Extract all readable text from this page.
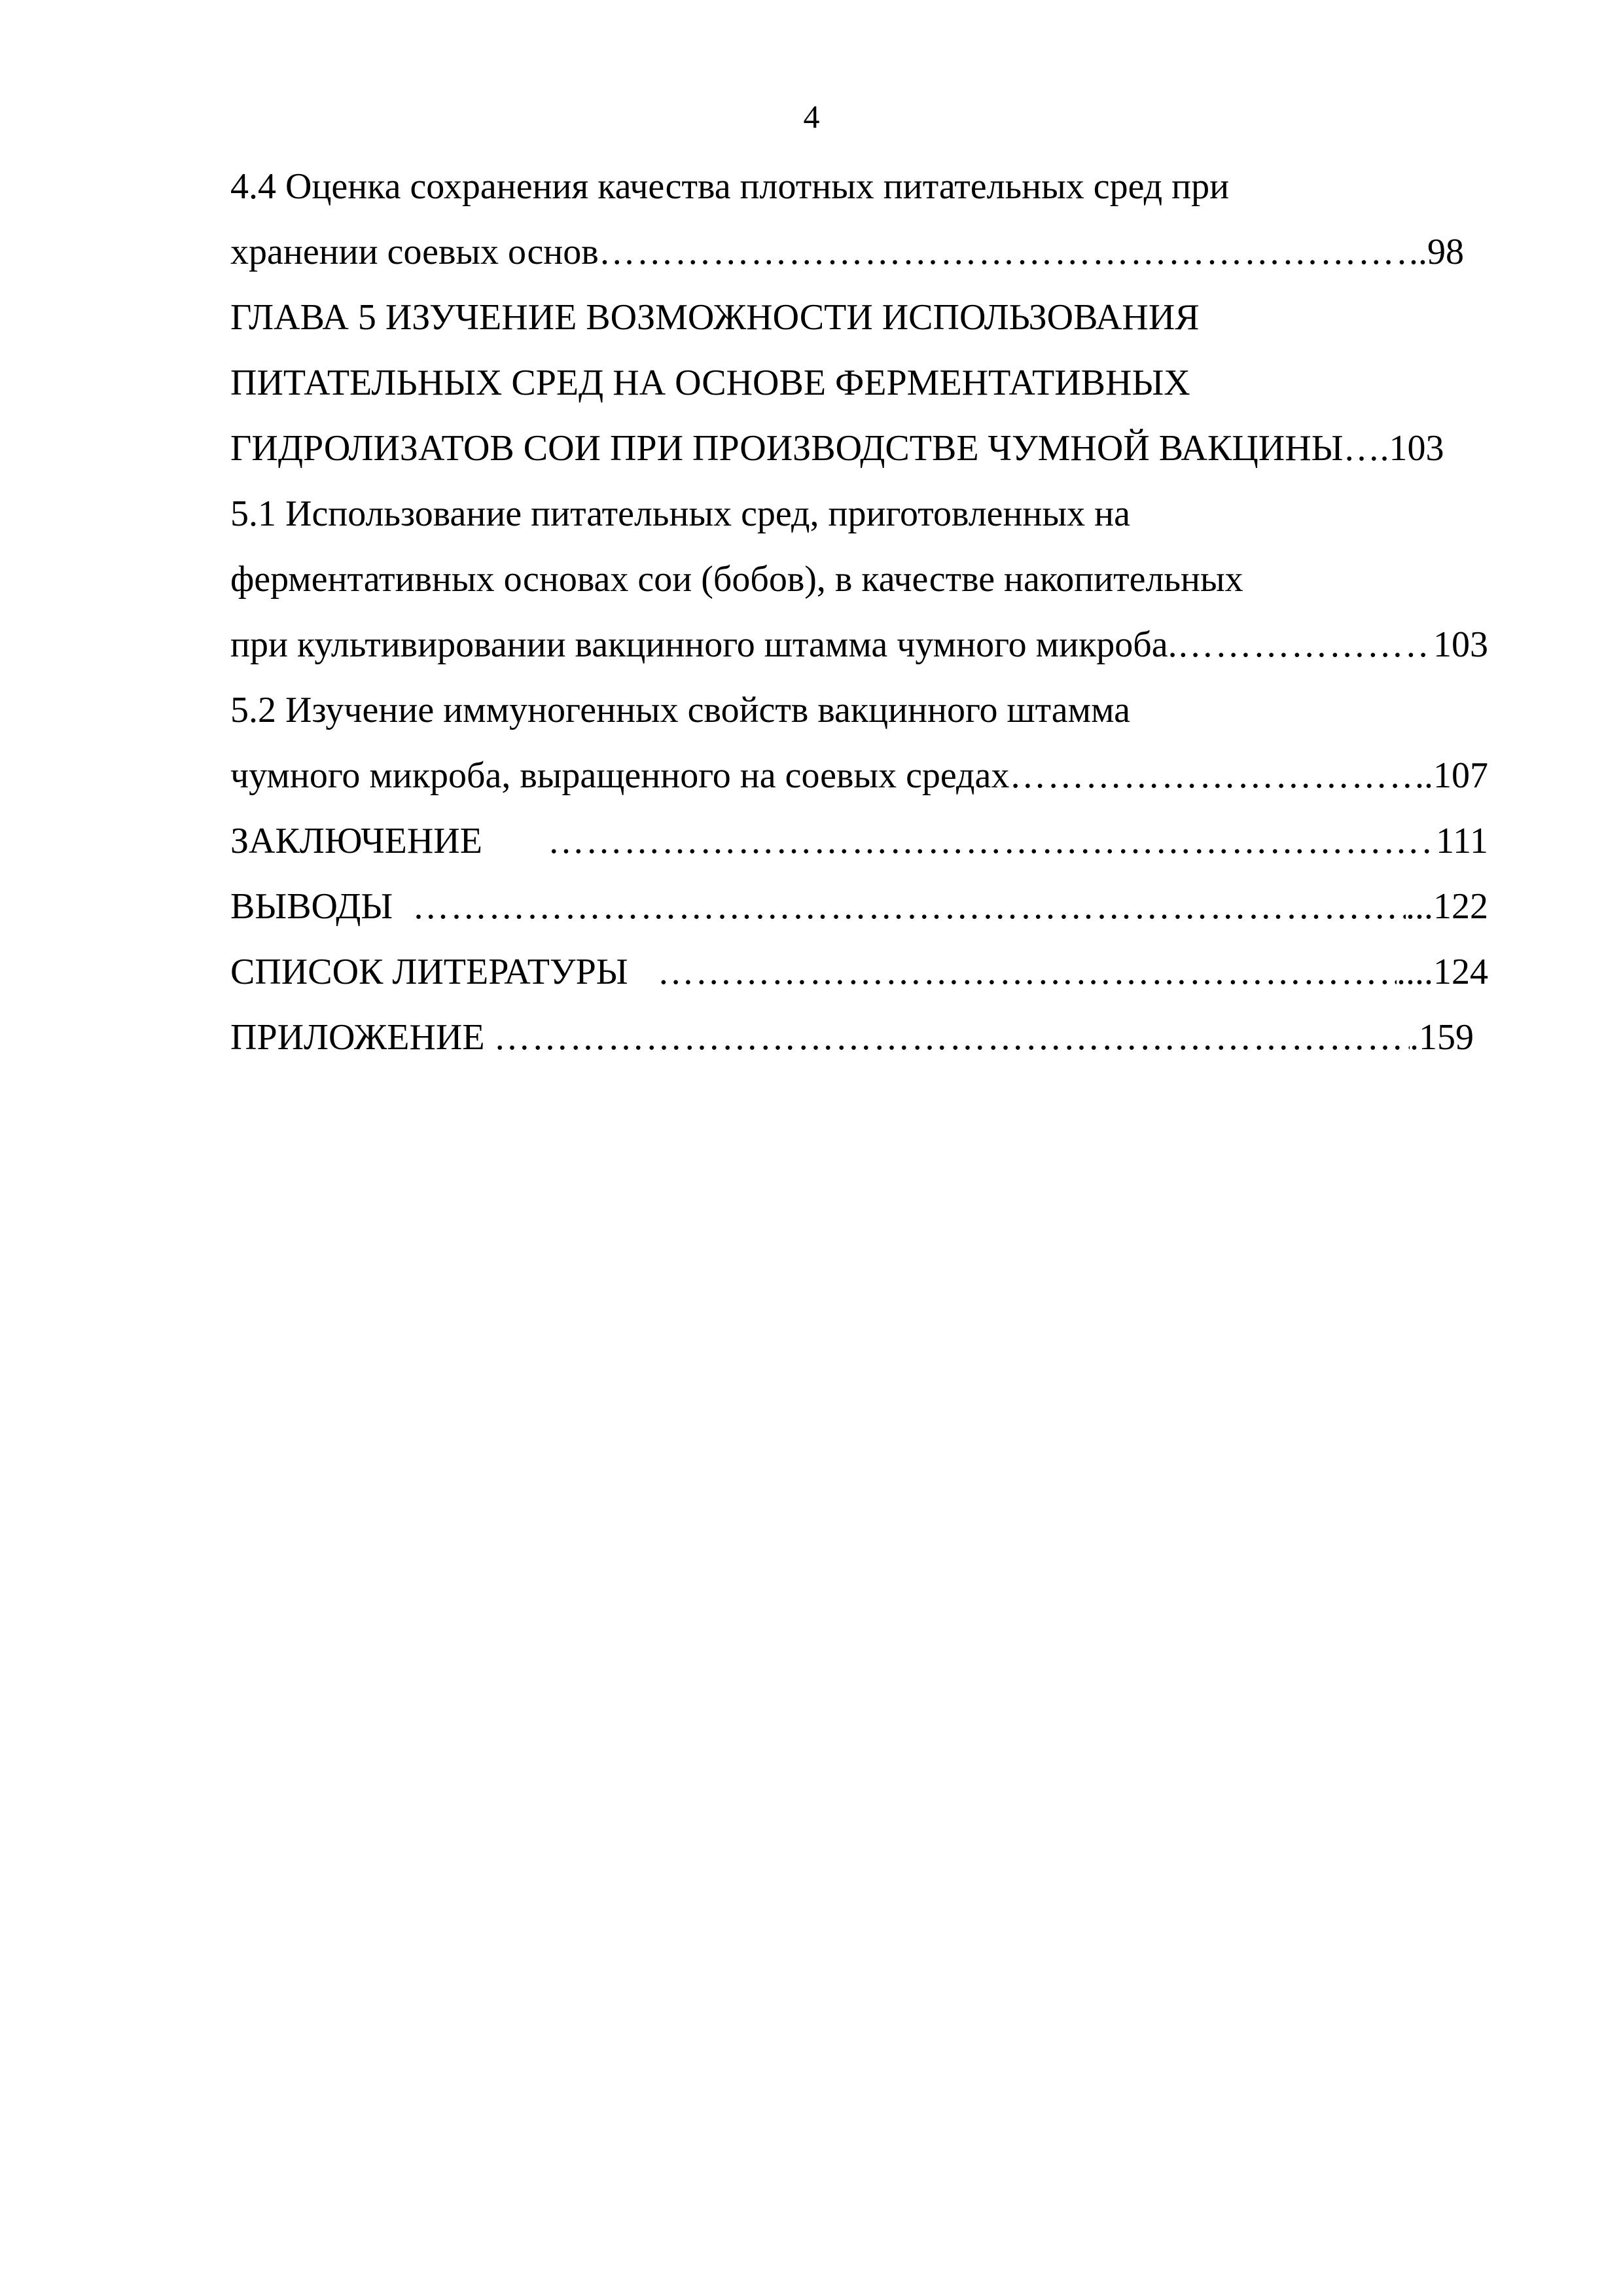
4
4.4 Оценка сохранения качества плотных питательных сред при
хранении соевых основ …………………………………………………………………………………………………………………………………………	..98
ГЛАВА 5 ИЗУЧЕНИЕ ВОЗМОЖНОСТИ ИСПОЛЬЗОВАНИЯ
ПИТАТЕЛЬНЫХ СРЕД НА ОСНОВЕ ФЕРМЕНТАТИВНЫХ
ГИДРОЛИЗАТОВ СОИ ПРИ ПРОИЗВОДСТВЕ ЧУМНОЙ ВАКЦИНЫ ….103
5.1 Использование питательных сред, приготовленных на
ферментативных основах сои (бобов), в качестве накопительных
при культивировании вакцинного штамма чумного микроба. …………………………………………………………………………………………………………………………………………	103
5.2 Изучение иммуногенных свойств вакцинного штамма
чумного микроба, выращенного на соевых средах …………………………………………………………………………………………………………………………………………	..107
ЗАКЛЮЧЕНИЕ …………………………………………………………………………………………………………………………………………	111
ВЫВОДЫ …………………………………………………………………………………………………………………………………………	...122
СПИСОК ЛИТЕРАТУРЫ …………………………………………………………………………………………………………………………………………	....124
ПРИЛОЖЕНИЕ …………………………………………………………………………………………………………………………………………	.159
